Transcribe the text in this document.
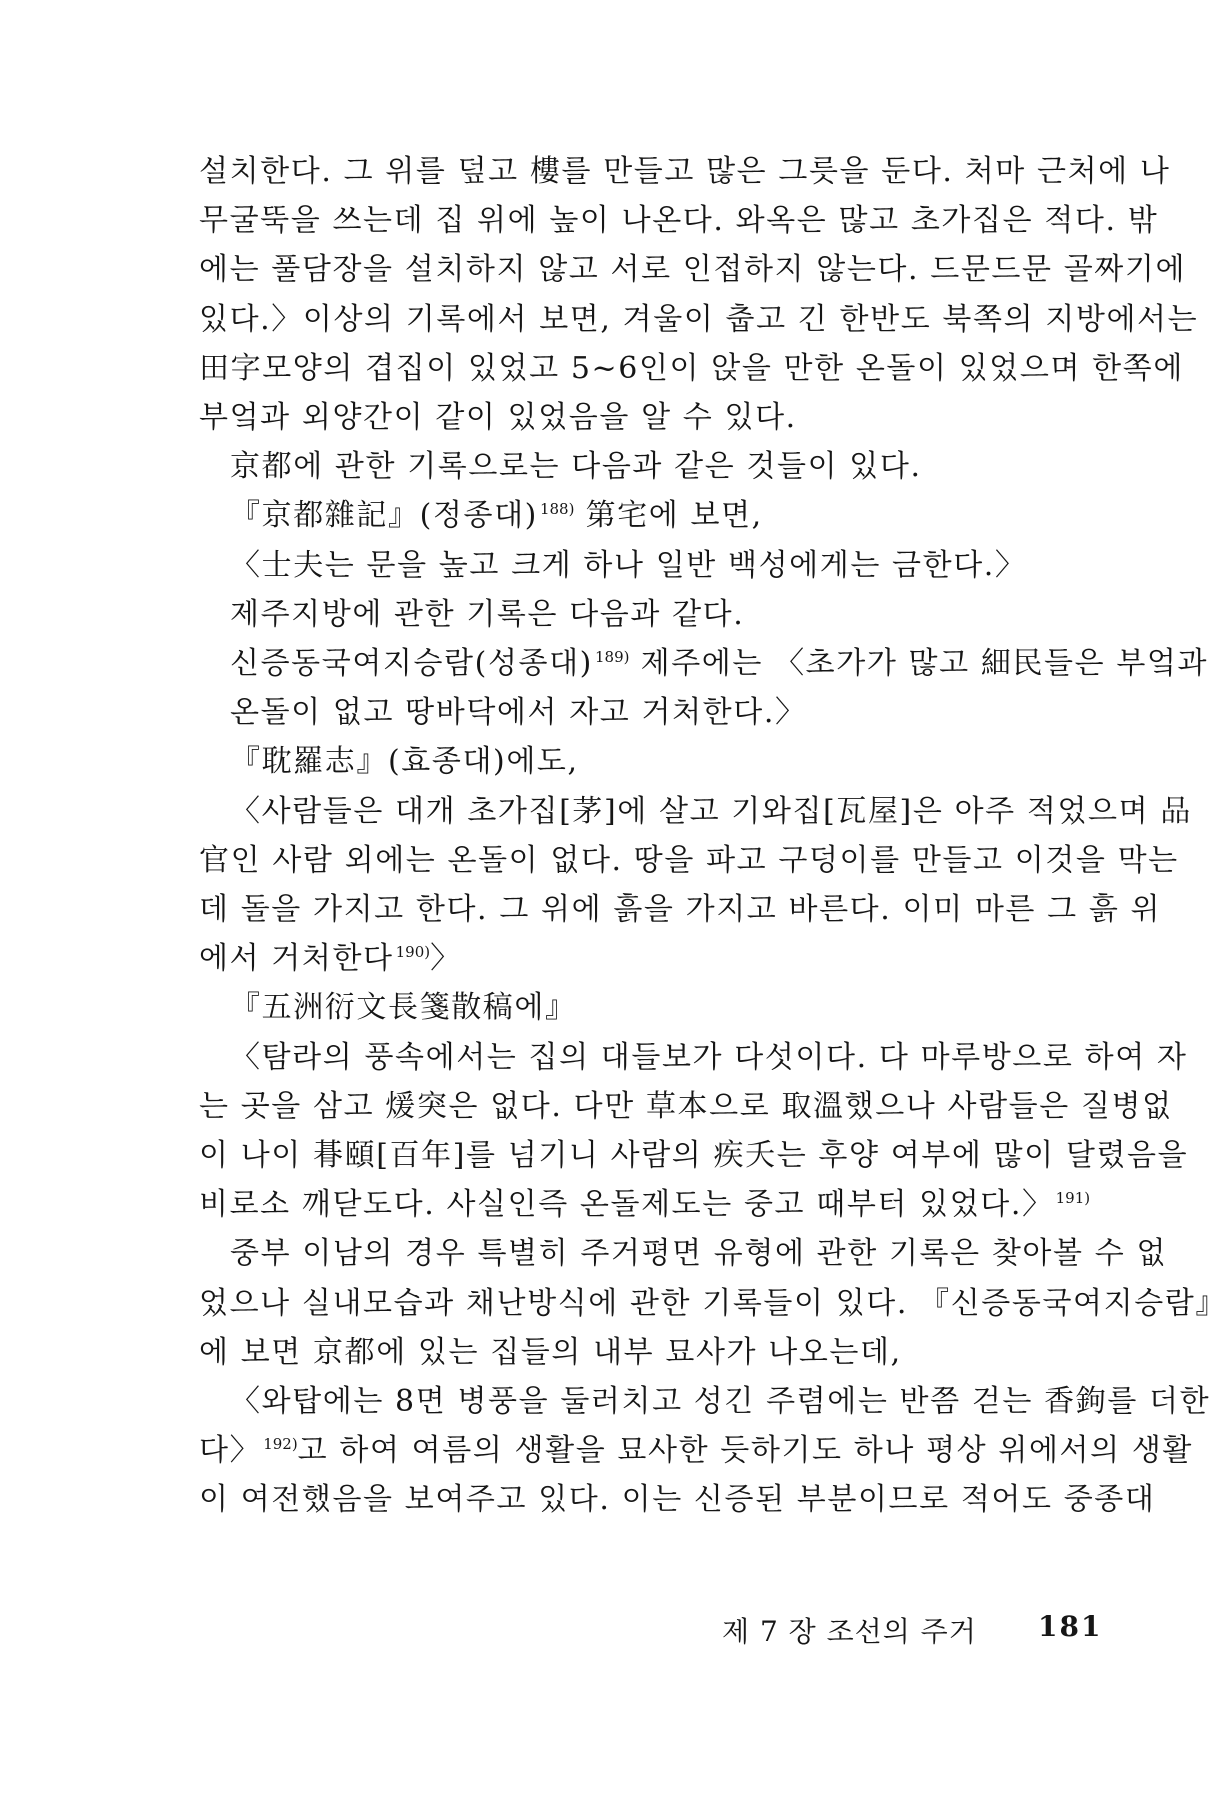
설치한다. 그 위를 덮고 樓를 만들고 많은 그릇을 둔다. 처마 근처에 나
무굴뚝을 쓰는데 집 위에 높이 나온다. 와옥은 많고 초가집은 적다. 밖
에는 풀담장을 설치하지 않고 서로 인접하지 않는다. 드문드문 골짜기에
있다.〉이상의 기록에서 보면, 겨울이 춥고 긴 한반도 북쪽의 지방에서는
田字모양의 겹집이 있었고 5~6인이 앉을 만한 온돌이 있었으며 한쪽에
부엌과 외양간이 같이 있었음을 알 수 있다.
京都에 관한 기록으로는 다음과 같은 것들이 있다.
『京都雜記』(정종대) $^{188)}$ 第宅에 보면,
〈士夫는 문을 높고 크게 하나 일반 백성에게는 금한다.〉
제주지방에 관한 기록은 다음과 같다.
신증동국여지승람(성종대) $^{189)}$ 제주에는 〈초가가 많고 細民들은 부엌과
온돌이 없고 땅바닥에서 자고 거처한다.〉
『耽羅志』(효종대)에도,
〈사람들은 대개 초가집[茅]에 살고 기와집[瓦屋]은 아주 적었으며 品
官인 사람 외에는 온돌이 없다. 땅을 파고 구덩이를 만들고 이것을 막는
데 돌을 가지고 한다. 그 위에 흙을 가지고 바른다. 이미 마른 그 흙 위
에서 거처한다 $^{190)}$〉
『五洲衍文長箋散稿에』
〈탐라의 풍속에서는 집의 대들보가 다섯이다. 다 마루방으로 하여 자
는 곳을 삼고 煖突은 없다. 다만 草本으로 取溫했으나 사람들은 질병없
이 나이 朞頤[百年]를 넘기니 사람의 疾夭는 후양 여부에 많이 달렸음을
비로소 깨닫도다. 사실인즉 온돌제도는 중고 때부터 있었다.〉 $^{191)}$
중부 이남의 경우 특별히 주거평면 유형에 관한 기록은 찾아볼 수 없
었으나 실내모습과 채난방식에 관한 기록들이 있다. 『신증동국여지승람』
에 보면 京都에 있는 집들의 내부 묘사가 나오는데,
〈와탑에는 8면 병풍을 둘러치고 성긴 주렴에는 반쯤 걷는 香鉤를 더한
다〉 $^{192)}$고 하여 여름의 생활을 묘사한 듯하기도 하나 평상 위에서의 생활
이 여전했음을 보여주고 있다. 이는 신증된 부분이므로 적어도 중종대
제 7 장 조선의 주거 181
